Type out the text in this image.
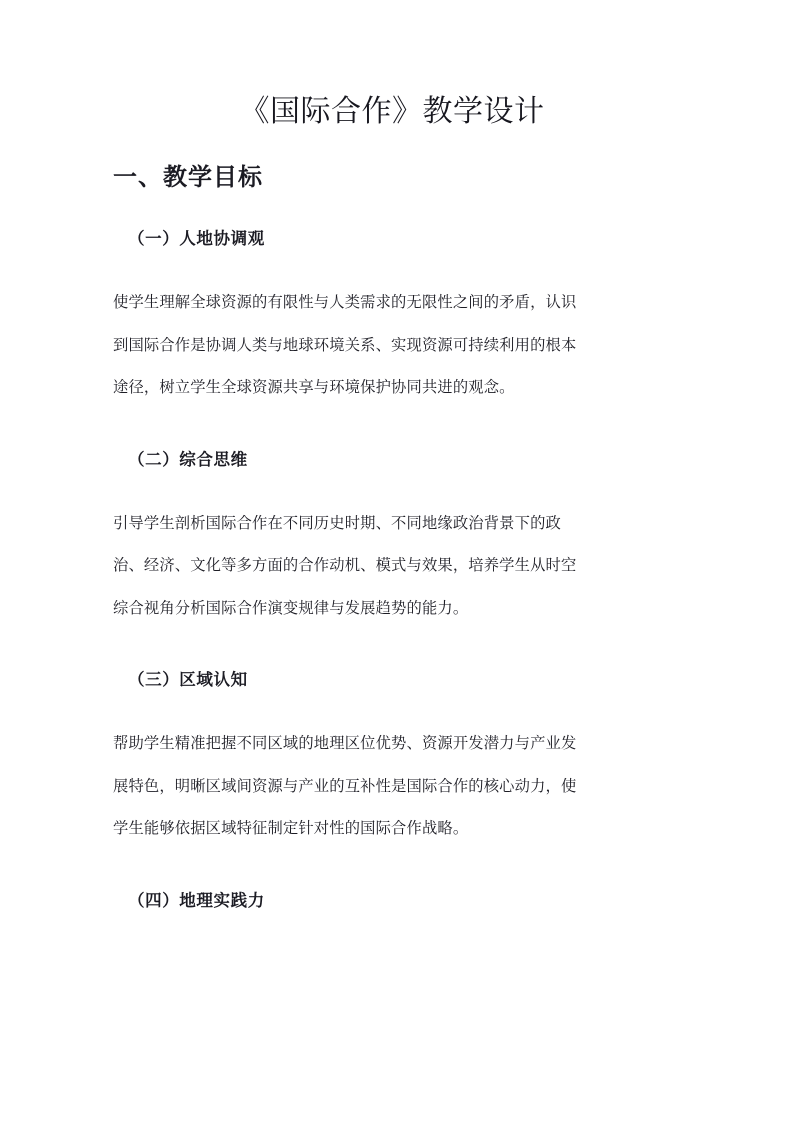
《国际合作》教学设计
一、教学目标
（一）人地协调观

使学生理解全球资源的有限性与人类需求的无限性之间的矛盾，认识
到国际合作是协调人类与地球环境关系、实现资源可持续利用的根本
途径，树立学生全球资源共享与环境保护协同共进的观念。

（二）综合思维

引导学生剖析国际合作在不同历史时期、不同地缘政治背景下的政
治、经济、文化等多方面的合作动机、模式与效果，培养学生从时空
综合视角分析国际合作演变规律与发展趋势的能力。

（三）区域认知

帮助学生精准把握不同区域的地理区位优势、资源开发潜力与产业发
展特色，明晰区域间资源与产业的互补性是国际合作的核心动力，使
学生能够依据区域特征制定针对性的国际合作战略。

（四）地理实践力
